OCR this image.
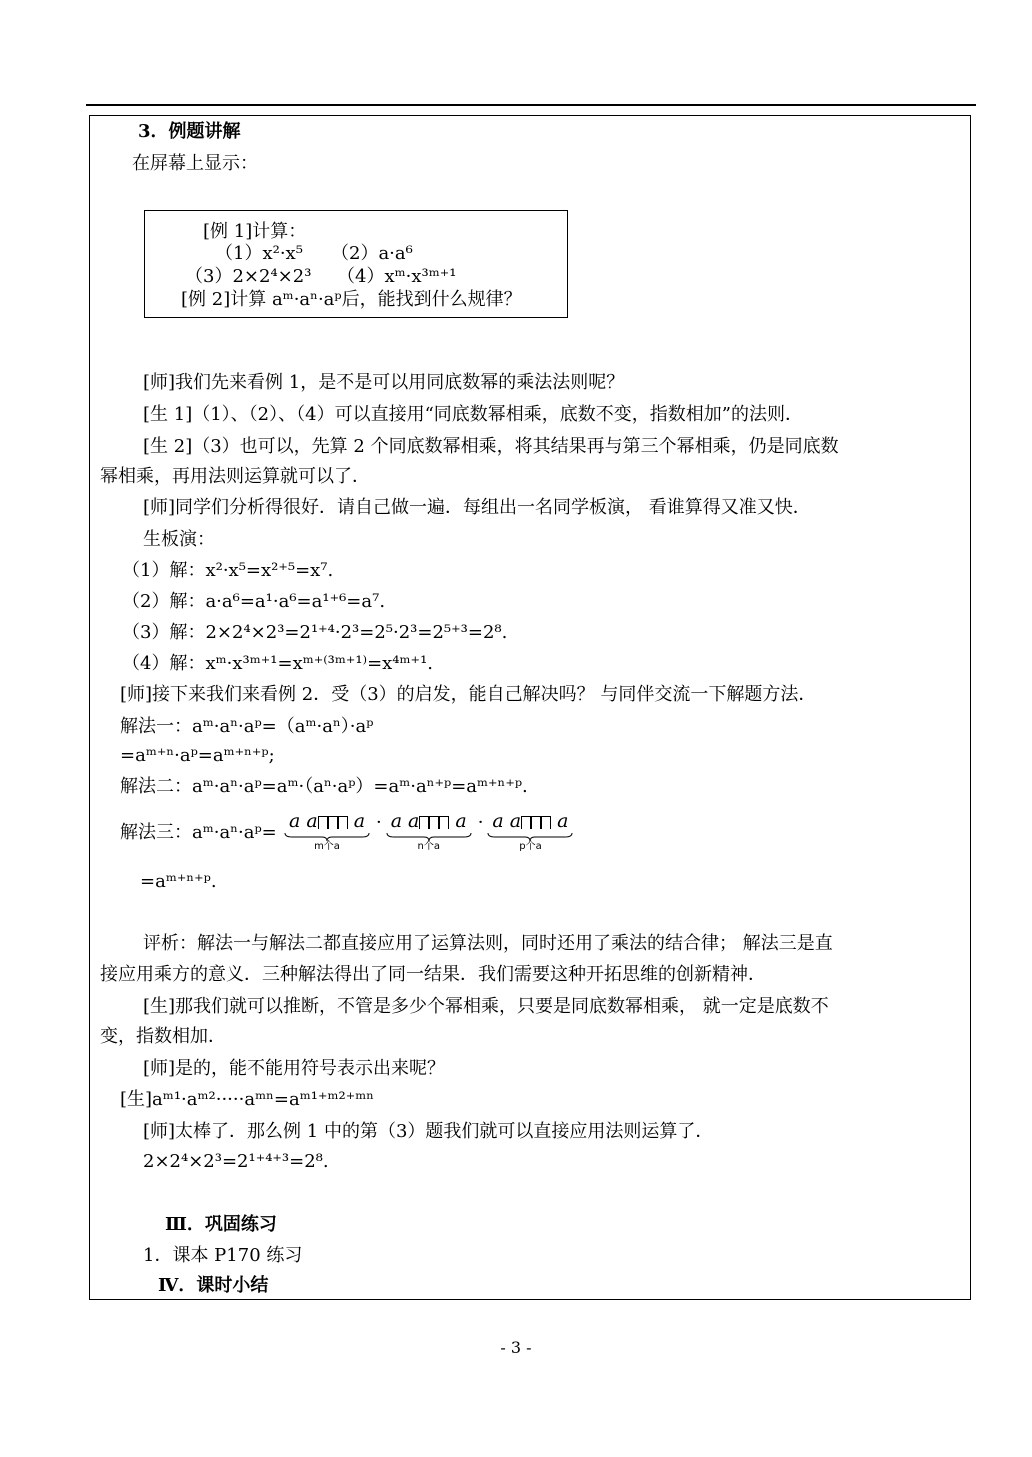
3．例题讲解
在屏幕上显示：
[例 1]计算：
（1）x²·x⁵ （2）a·a⁶
（3）2×2⁴×2³ （4）xᵐ·x³ᵐ⁺¹
[例 2]计算 aᵐ·aⁿ·aᵖ后，能找到什么规律？
[师]我们先来看例 1，是不是可以用同底数幂的乘法法则呢？
[生 1]（1）、（2）、（4）可以直接用“同底数幂相乘，底数不变，指数相加”的法则．
[生 2]（3）也可以，先算 2 个同底数幂相乘，将其结果再与第三个幂相乘，仍是同底数
幂相乘，再用法则运算就可以了．
[师]同学们分析得很好．请自己做一遍．每组出一名同学板演， 看谁算得又准又快．
生板演：
（1）解：x²·x⁵=x²⁺⁵=x⁷.
（2）解：a·a⁶=a¹·a⁶=a¹⁺⁶=a⁷.
（3）解：2×2⁴×2³=2¹⁺⁴·2³=2⁵·2³=2⁵⁺³=2⁸.
（4）解：xᵐ·x³ᵐ⁺¹=xᵐ⁺⁽³ᵐ⁺¹⁾=x⁴ᵐ⁺¹.
[师]接下来我们来看例 2．受（3）的启发，能自己解决吗？ 与同伴交流一下解题方法．
解法一：aᵐ·aⁿ·aᵖ=（aᵐ·aⁿ）·aᵖ
=aᵐ⁺ⁿ·aᵖ=aᵐ⁺ⁿ⁺ᵖ;
解法二：aᵐ·aⁿ·aᵖ=aᵐ·（aⁿ·aᵖ）=aᵐ·aⁿ⁺ᵖ=aᵐ⁺ⁿ⁺ᵖ.
解法三：aᵐ·aⁿ·aᵖ=
a a a
m个a
· a a a
n个a
· a a a
p个a
=aᵐ⁺ⁿ⁺ᵖ.
评析：解法一与解法二都直接应用了运算法则，同时还用了乘法的结合律； 解法三是直
接应用乘方的意义．三种解法得出了同一结果．我们需要这种开拓思维的创新精神．
[生]那我们就可以推断，不管是多少个幂相乘，只要是同底数幂相乘， 就一定是底数不
变，指数相加．
[师]是的，能不能用符号表示出来呢？
[生]aᵐ¹·aᵐ²·····aᵐⁿ=aᵐ¹⁺ᵐ²⁺ᵐⁿ
[师]太棒了．那么例 1 中的第（3）题我们就可以直接应用法则运算了．
2×2⁴×2³=2¹⁺⁴⁺³=2⁸.
Ⅲ．巩固练习
1．课本 P170 练习
Ⅳ．课时小结
- 3 -
